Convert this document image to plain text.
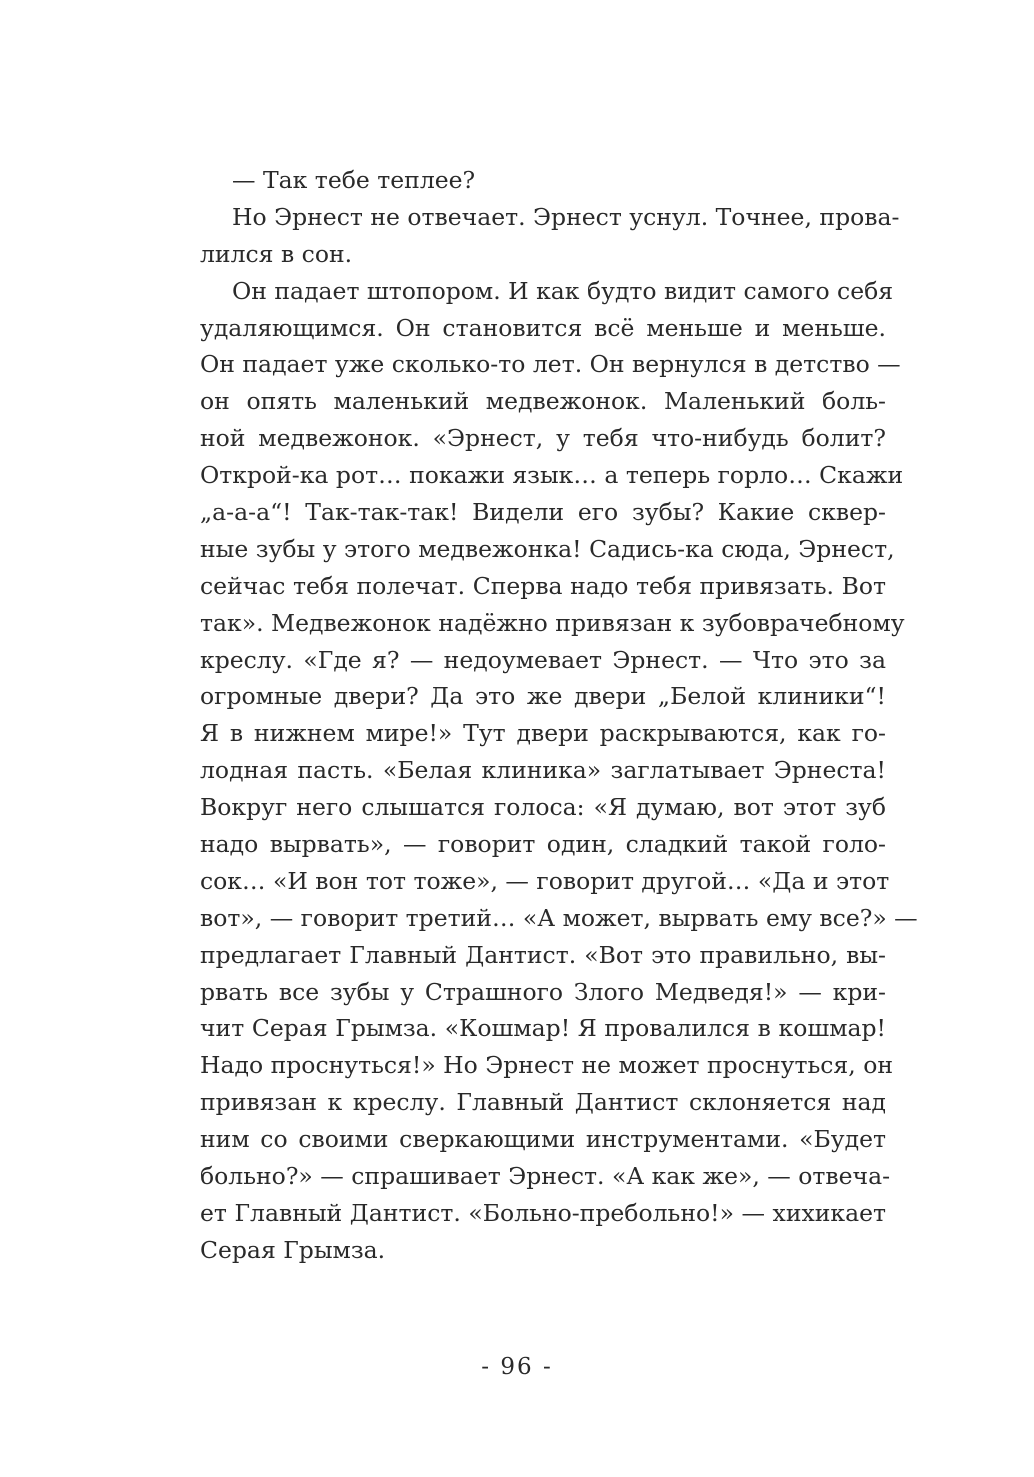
— Так тебе теплее?
Но Эрнест не отвечает. Эрнест уснул. Точнее, прова-
лился в сон.
Он падает штопором. И как будто видит самого себя
удаляющимся. Он становится всё меньше и меньше.
Он падает уже сколько-то лет. Он вернулся в детство —
он опять маленький медвежонок. Маленький боль-
ной медвежонок. «Эрнест, у тебя что-нибудь болит?
Открой-ка рот… покажи язык… а теперь горло… Скажи
„а-а-а“! Так-так-так! Видели его зубы? Какие сквер-
ные зубы у этого медвежонка! Садись-ка сюда, Эрнест,
сейчас тебя полечат. Сперва надо тебя привязать. Вот
так». Медвежонок надёжно привязан к зубоврачебному
креслу. «Где я? — недоумевает Эрнест. — Что это за
огромные двери? Да это же двери „Белой клиники“!
Я в нижнем мире!» Тут двери раскрываются, как го-
лодная пасть. «Белая клиника» заглатывает Эрнеста!
Вокруг него слышатся голоса: «Я думаю, вот этот зуб
надо вырвать», — говорит один, сладкий такой голо-
сок… «И вон тот тоже», — говорит другой… «Да и этот
вот», — говорит третий… «А может, вырвать ему все?» —
предлагает Главный Дантист. «Вот это правильно, вы-
рвать все зубы у Страшного Злого Медведя!» — кри-
чит Серая Грымза. «Кошмар! Я провалился в кошмар!
Надо проснуться!» Но Эрнест не может проснуться, он
привязан к креслу. Главный Дантист склоняется над
ним со своими сверкающими инструментами. «Будет
больно?» — спрашивает Эрнест. «А как же», — отвеча-
ет Главный Дантист. «Больно-пребольно!» — хихикает
Серая Грымза.
- 96 -
